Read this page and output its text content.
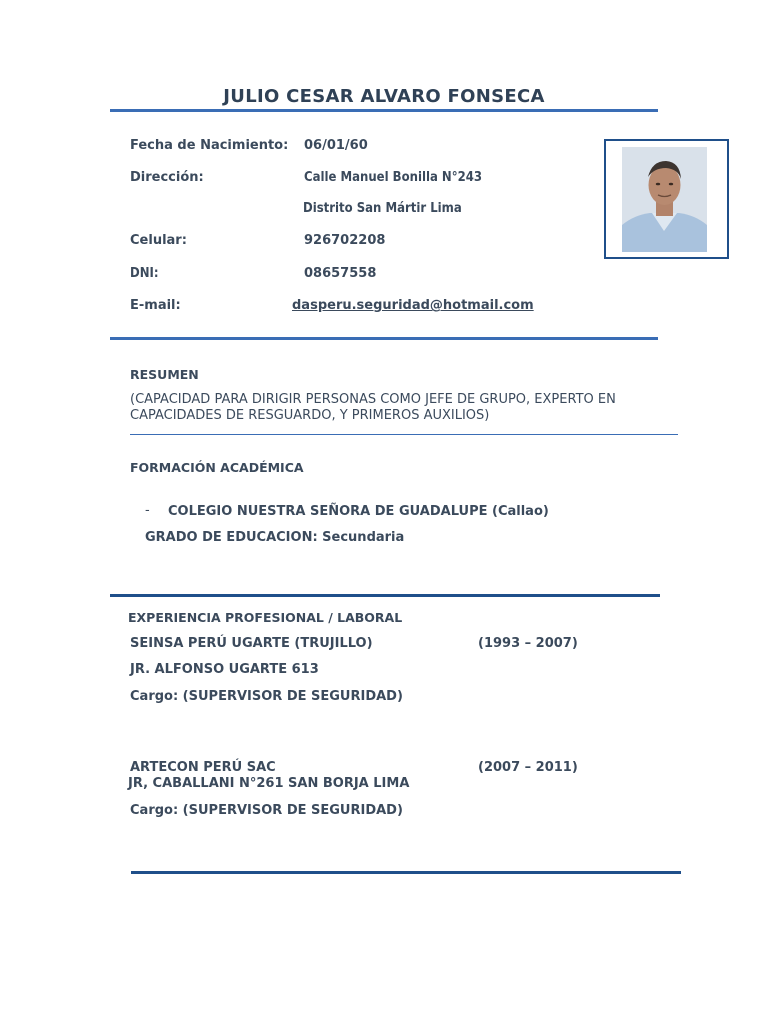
JULIO CESAR ALVARO FONSECA
Fecha de Nacimiento: 06/01/60
Dirección:	Calle Manuel Bonilla N°243
Distrito San Mártir Lima
Celular:	926702208
DNI:	08657558
E-mail:	dasperu.seguridad@hotmail.com
RESUMEN
(CAPACIDAD PARA DIRIGIR PERSONAS COMO JEFE DE GRUPO, EXPERTO EN
CAPACIDADES DE RESGUARDO, Y PRIMEROS AUXILIOS)
FORMACIÓN ACADÉMICA
- COLEGIO NUESTRA SEÑORA DE GUADALUPE (Callao)
GRADO DE EDUCACION: Secundaria
EXPERIENCIA PROFESIONAL / LABORAL
SEINSA PERÚ UGARTE (TRUJILLO)	(1993 – 2007)
JR. ALFONSO UGARTE 613
Cargo: (SUPERVISOR DE SEGURIDAD)
ARTECON PERÚ SAC	(2007 – 2011)
JR, CABALLANI N°261 SAN BORJA LIMA
Cargo: (SUPERVISOR DE SEGURIDAD)
